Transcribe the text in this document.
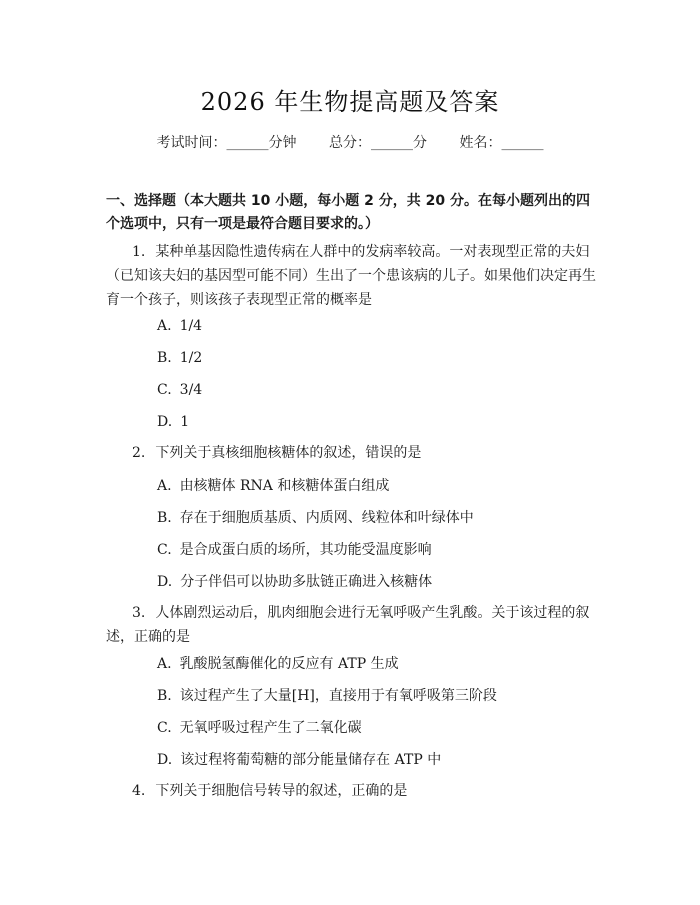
2026 年生物提高题及答案
考试时间：______分钟 总分：______分 姓名：______
一、选择题（本大题共 10 小题，每小题 2 分，共 20 分。在每小题列出的四个选项中，只有一项是最符合题目要求的。）
1. 某种单基因隐性遗传病在人群中的发病率较高。一对表现型正常的夫妇（已知该夫妇的基因型可能不同）生出了一个患该病的儿子。如果他们决定再生育一个孩子，则该孩子表现型正常的概率是
A. 1/4
B. 1/2
C. 3/4
D. 1
2. 下列关于真核细胞核糖体的叙述，错误的是
A. 由核糖体 RNA 和核糖体蛋白组成
B. 存在于细胞质基质、内质网、线粒体和叶绿体中
C. 是合成蛋白质的场所，其功能受温度影响
D. 分子伴侣可以协助多肽链正确进入核糖体
3. 人体剧烈运动后，肌肉细胞会进行无氧呼吸产生乳酸。关于该过程的叙述，正确的是
A. 乳酸脱氢酶催化的反应有 ATP 生成
B. 该过程产生了大量[H]，直接用于有氧呼吸第三阶段
C. 无氧呼吸过程产生了二氧化碳
D. 该过程将葡萄糖的部分能量储存在 ATP 中
4. 下列关于细胞信号转导的叙述，正确的是
